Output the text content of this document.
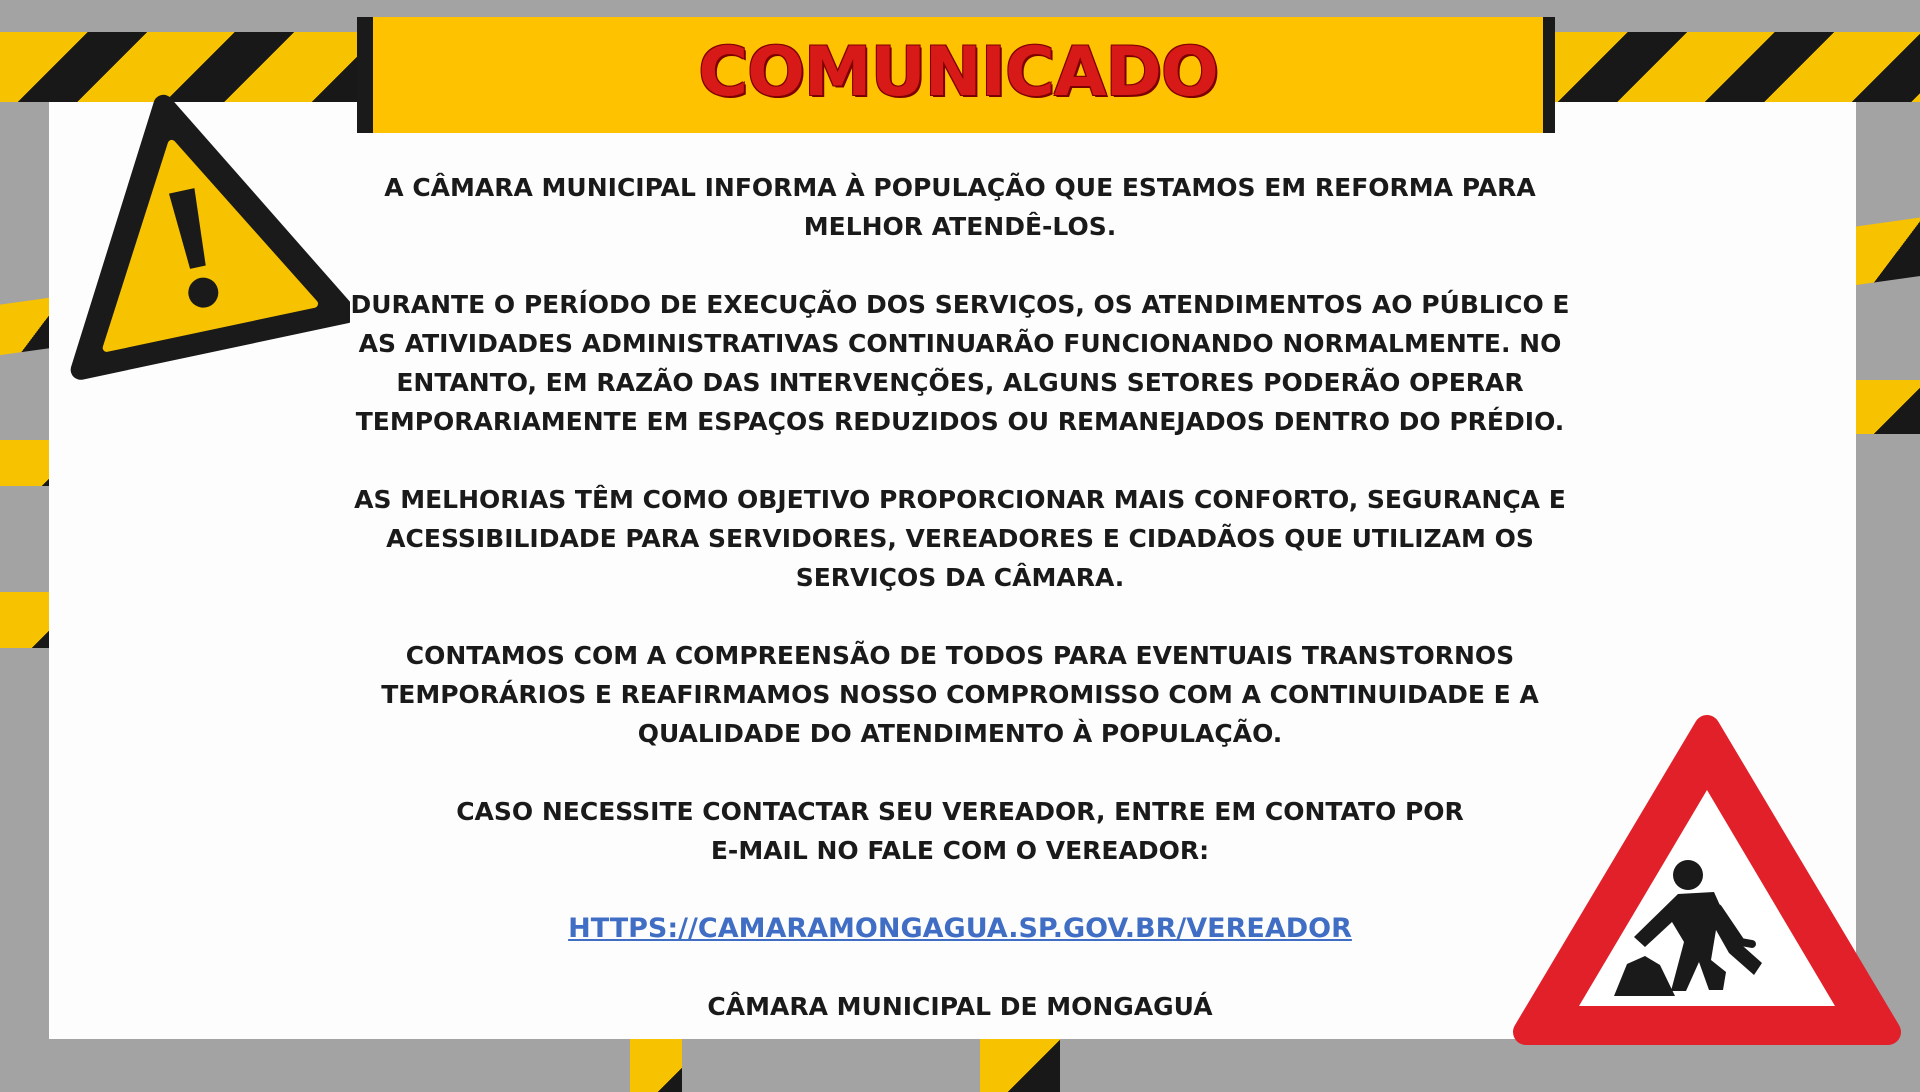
COMUNICADO

A CÂMARA MUNICIPAL INFORMA À POPULAÇÃO QUE ESTAMOS EM REFORMA PARA
MELHOR ATENDÊ-LOS.

DURANTE O PERÍODO DE EXECUÇÃO DOS SERVIÇOS, OS ATENDIMENTOS AO PÚBLICO E
AS ATIVIDADES ADMINISTRATIVAS CONTINUARÃO FUNCIONANDO NORMALMENTE. NO
ENTANTO, EM RAZÃO DAS INTERVENÇÕES, ALGUNS SETORES PODERÃO OPERAR
TEMPORARIAMENTE EM ESPAÇOS REDUZIDOS OU REMANEJADOS DENTRO DO PRÉDIO.

AS MELHORIAS TÊM COMO OBJETIVO PROPORCIONAR MAIS CONFORTO, SEGURANÇA E
ACESSIBILIDADE PARA SERVIDORES, VEREADORES E CIDADÃOS QUE UTILIZAM OS
SERVIÇOS DA CÂMARA.

CONTAMOS COM A COMPREENSÃO DE TODOS PARA EVENTUAIS TRANSTORNOS
TEMPORÁRIOS E REAFIRMAMOS NOSSO COMPROMISSO COM A CONTINUIDADE E A
QUALIDADE DO ATENDIMENTO À POPULAÇÃO.

CASO NECESSITE CONTACTAR SEU VEREADOR, ENTRE EM CONTATO POR
E-MAIL NO FALE COM O VEREADOR:

HTTPS://CAMARAMONGAGUA.SP.GOV.BR/VEREADOR

CÂMARA MUNICIPAL DE MONGAGUÁ
